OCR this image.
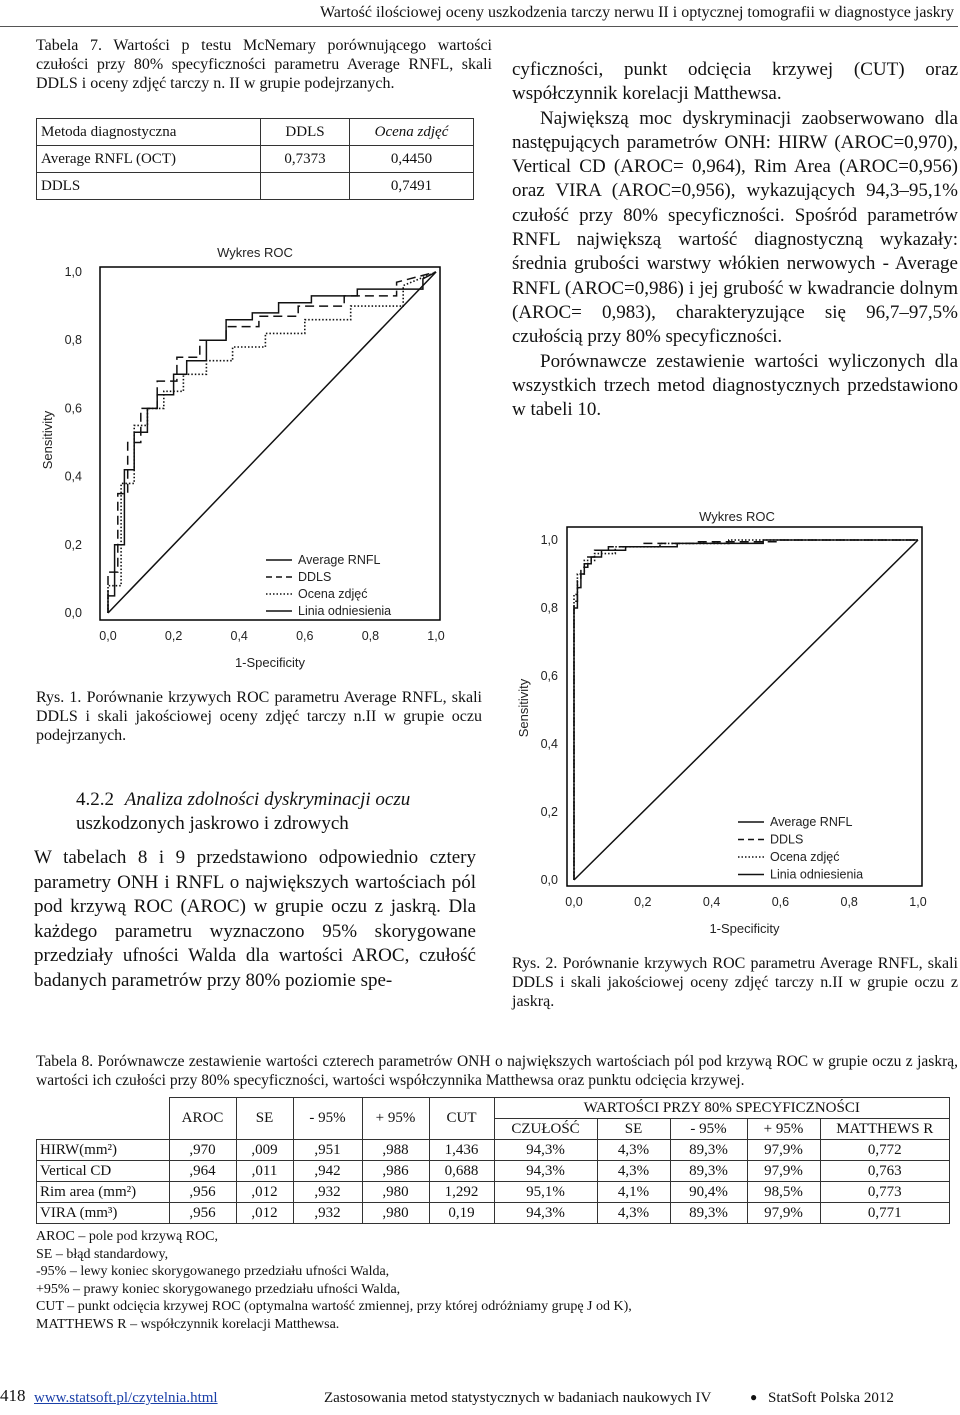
Wartość ilościowej oceny uszkodzenia tarczy nerwu II i optycznej tomografii w diagnostyce jaskry
Tabela 7. Wartości p testu McNemary porównującego wartości czułości przy 80% specyficzności parametru Average RNFL, skali DDLS i oceny zdjęć tarczy n. II w grupie podejrzanych.
Metoda diagnostyczna	DDLS	Ocena zdjęć
Average RNFL (OCT)	0,7373	0,4450
DDLS		0,7491
Wykres ROC
1-Specificity
Sensitivity
0,0	0,2	0,4	0,6	0,8	1,0
0,0
0,2
0,4
0,6
0,8
1,0
Average RNFL
DDLS
Ocena zdjęć
Linia odniesienia
Rys. 1. Porównanie krzywych ROC parametru Average RNFL, skali DDLS i skali jakościowej oceny zdjęć tarczy n.II w grupie oczu podejrzanych.
4.2.2 Analiza zdolności dyskryminacji oczu
uszkodzonych jaskrowo i zdrowych
W tabelach 8 i 9 przedstawiono odpowiednio cztery parametry ONH i RNFL o największych wartościach pól pod krzywą ROC (AROC) w grupie oczu z jaskrą. Dla każdego parametru wyznaczono 95% skorygowane przedziały ufności Walda dla wartości AROC, czułość badanych parametrów przy 80% poziomie spe-

cyficzności, punkt odcięcia krzywej (CUT) oraz współczynnik korelacji Matthewsa.

Największą moc dyskryminacji zaobserwowano dla następujących parametrów ONH: HIRW (AROC=0,970), Vertical CD (AROC= 0,964), Rim Area (AROC=0,956) oraz VIRA (AROC=0,956), wykazujących 94,3–95,1% czułość przy 80% specyficzności. Spośród parametrów RNFL największą wartość diagnostyczną wykazały: średnia grubości warstwy włókien nerwowych - Average RNFL (AROC=0,986) i jej grubość w kwadrancie dolnym (AROC= 0,983), charakteryzujące się 96,7–97,5% czułością przy 80% specyficzności.

Porównawcze zestawienie wartości wyliczonych dla wszystkich trzech metod diagnostycznych przedstawiono w tabeli 10.

Wykres ROC
1-Specificity
Sensitivity
0,0	0,2	0,4	0,6	0,8	1,0
0,0
0,2
0,4
0,6
0,8
1,0
Average RNFL
DDLS
Ocena zdjęć
Linia odniesienia
Rys. 2. Porównanie krzywych ROC parametru Average RNFL, skali DDLS i skali jakościowej oceny zdjęć tarczy n.II w grupie oczu z jaskrą.
Tabela 8. Porównawcze zestawienie wartości czterech parametrów ONH o największych wartościach pól pod krzywą ROC w grupie oczu z jaskrą, wartości ich czułości przy 80% specyficzności, wartości współczynnika Matthewsa oraz punktu odcięcia krzywej.
	AROC	SE	- 95%	+ 95%	CUT	WARTOŚCI PRZY 80% SPECYFICZNOŚCI				
						CZUŁOŚĆ	SE	- 95%	+ 95%	MATTHEWS R
HIRW(mm²)	,970	,009	,951	,988	1,436	94,3%	4,3%	89,3%	97,9%	0,772
Vertical CD	,964	,011	,942	,986	0,688	94,3%	4,3%	89,3%	97,9%	0,763
Rim area (mm²)	,956	,012	,932	,980	1,292	95,1%	4,1%	90,4%	98,5%	0,773
VIRA (mm³)	,956	,012	,932	,980	0,19	94,3%	4,3%	89,3%	97,9%	0,771
AROC – pole pod krzywą ROC,
SE – błąd standardowy,
-95% – lewy koniec skorygowanego przedziału ufności Walda,
+95% – prawy koniec skorygowanego przedziału ufności Walda,
CUT – punkt odcięcia krzywej ROC (optymalna wartość zmiennej, przy której odróżniamy grupę J od K),
MATTHEWS R – współczynnik korelacji Matthewsa.
418 www.statsoft.pl/czytelnia.html	Zastosowania metod statystycznych w badaniach naukowych IV	● StatSoft Polska 2012
